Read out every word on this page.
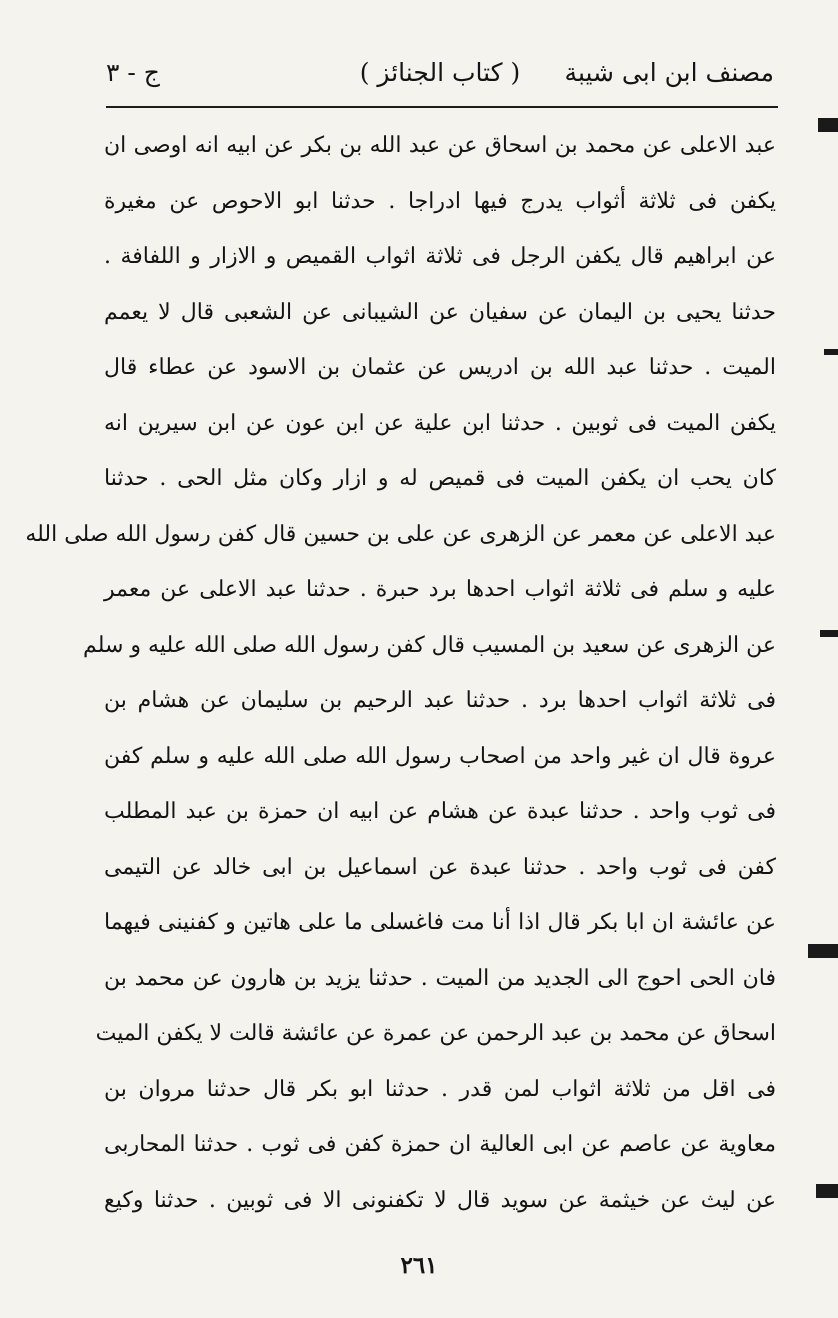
مصنف ابن ابى شيبة
( كتاب الجنائز )
ج - ٣
عبد الاعلى عن محمد بن اسحاق عن عبد الله بن بكر عن ابيه انه اوصى ان
يكفن فى ثلاثة أثواب يدرج فيها ادراجا . حدثنا ابو الاحوص عن مغيرة
عن ابراهيم قال يكفن الرجل فى ثلاثة اثواب القميص و الازار و اللفافة .
حدثنا يحيى بن اليمان عن سفيان عن الشيبانى عن الشعبى قال لا يعمم
الميت . حدثنا عبد الله بن ادريس عن عثمان بن الاسود عن عطاء قال
يكفن الميت فى ثوبين . حدثنا ابن علية عن ابن عون عن ابن سيرين انه
كان يحب ان يكفن الميت فى قميص له و ازار وكان مثل الحى . حدثنا
عبد الاعلى عن معمر عن الزهرى عن على بن حسين قال كفن رسول الله صلى الله
عليه و سلم فى ثلاثة اثواب احدها برد حبرة . حدثنا عبد الاعلى عن معمر
عن الزهرى عن سعيد بن المسيب قال كفن رسول الله صلى الله عليه و سلم
فى ثلاثة اثواب احدها برد . حدثنا عبد الرحيم بن سليمان عن هشام بن
عروة قال ان غير واحد من اصحاب رسول الله صلى الله عليه و سلم كفن
فى ثوب واحد . حدثنا عبدة عن هشام عن ابيه ان حمزة بن عبد المطلب
كفن فى ثوب واحد . حدثنا عبدة عن اسماعيل بن ابى خالد عن التيمى
عن عائشة ان ابا بكر قال اذا أنا مت فاغسلى ما على هاتين و كفنينى فيهما
فان الحى احوج الى الجديد من الميت . حدثنا يزيد بن هارون عن محمد بن
اسحاق عن محمد بن عبد الرحمن عن عمرة عن عائشة قالت لا يكفن الميت
فى اقل من ثلاثة اثواب لمن قدر . حدثنا ابو بكر قال حدثنا مروان بن
معاوية عن عاصم عن ابى العالية ان حمزة كفن فى ثوب . حدثنا المحاربى
عن ليث عن خيثمة عن سويد قال لا تكفنونى الا فى ثوبين . حدثنا وكيع
٢٦١
